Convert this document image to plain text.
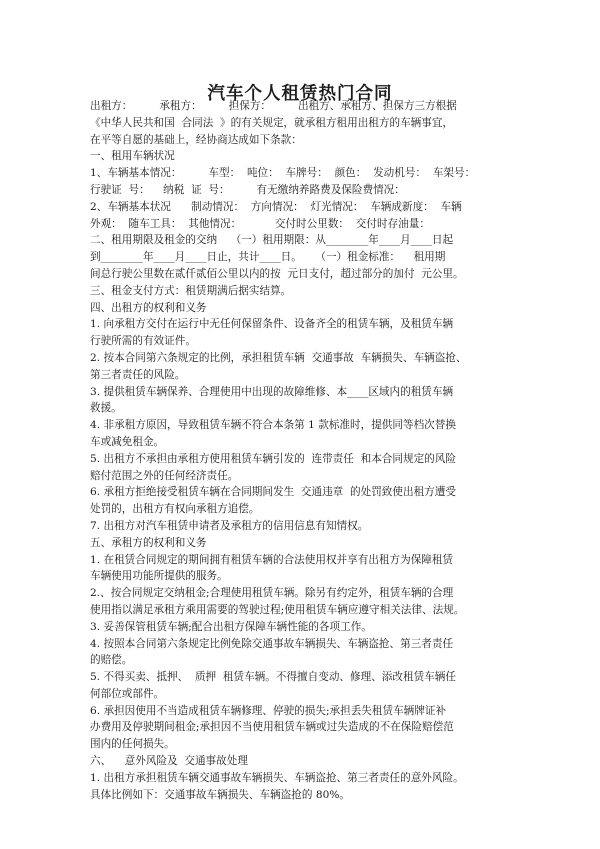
汽车个人租赁热门合同
出租方：        承租方：        担保方：        出租方、承租方、担保方三方根据
《中华人民共和国  合同法  》的有关规定，就承租方租用出租方的车辆事宜，
在平等自愿的基础上，经协商达成如下条款：
一、租用车辆状况
1、车辆基本情况：        车型：  吨位：  车牌号：  颜色：  发动机号：  车架号：
行驶证  号：    纳税  证  号：        有无缴纳养路费及保险费情况：
2、车辆基本状况      制动情况：  方向情况：  灯光情况：  车辆成新度：  车辆
外观：  随车工具：  其他情况：          交付时公里数：  交付时存油量：
二、租用期限及租金的交纳    （一）租用期限：从________年____月____日起
到________年____月____日止，共计____日。    （一）租金标准：    租用期
间总行驶公里数在贰仟贰佰公里以内的按  元日支付，超过部分的加付  元公里。
三、租金支付方式：租赁期满后据实结算。
四、出租方的权利和义务
1. 向承租方交付在运行中无任何保留条件、设备齐全的租赁车辆，及租赁车辆
行驶所需的有效证件。
2. 按本合同第六条规定的比例，承担租赁车辆  交通事故  车辆损失、车辆盗抢、
第三者责任的风险。
3. 提供租赁车辆保养、合理使用中出现的故障维修、本____区域内的租赁车辆
救援。
4. 非承租方原因，导致租赁车辆不符合本条第 1 款标准时，提供同等档次替换
车或减免租金。
5. 出租方不承担由承租方使用租赁车辆引发的  连带责任  和本合同规定的风险
赔付范围之外的任何经济责任。
6. 承租方拒绝接受租赁车辆在合同期间发生  交通违章  的处罚致使出租方遭受
处罚的，出租方有权向承租方追偿。
7. 出租方对汽车租赁申请者及承租方的信用信息有知情权。
五、承租方的权利和义务
1. 在租赁合同规定的期间拥有租赁车辆的合法使用权并享有出租方为保障租赁
车辆使用功能所提供的服务。
2.、按合同规定交纳租金;合理使用租赁车辆。除另有约定外，租赁车辆的合理
使用指以满足承租方乘用需要的驾驶过程;使用租赁车辆应遵守相关法律、法规。
3. 妥善保管租赁车辆;配合出租方保障车辆性能的各项工作。
4. 按照本合同第六条规定比例免除交通事故车辆损失、车辆盗抢、第三者责任
的赔偿。
5. 不得买卖、抵押、  质押  租赁车辆。不得擅自变动、修理、添改租赁车辆任
何部位或部件。
6. 承担因使用不当造成租赁车辆修理、停驶的损失;承担丢失租赁车辆牌证补
办费用及停驶期间租金;承担因不当使用租赁车辆或过失造成的不在保险赔偿范
围内的任何损失。
六、    意外风险及  交通事故处理
1. 出租方承担租赁车辆交通事故车辆损失、车辆盗抢、第三者责任的意外风险。
具体比例如下：交通事故车辆损失、车辆盗抢的 80%。
